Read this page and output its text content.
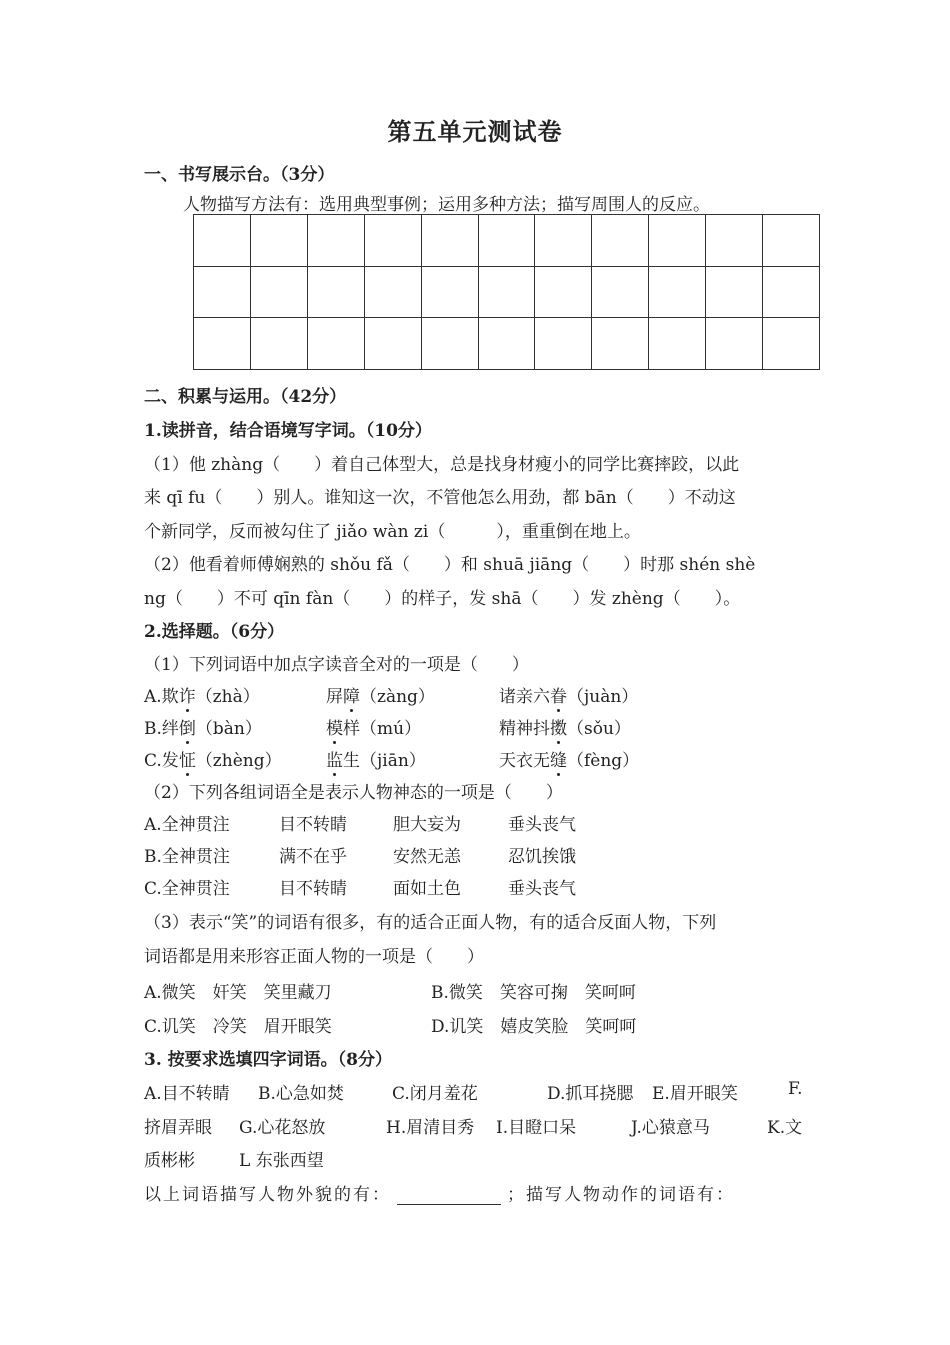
第五单元测试卷
一、书写展示台。（3分）
人物描写方法有：选用典型事例；运用多种方法；描写周围人的反应。
二、积累与运用。（42分）
1.读拼音，结合语境写字词。（10分）
（1）他 zhàng（　　）着自己体型大，总是找身材瘦小的同学比赛摔跤，以此
来 qī fu（　　）别人。谁知这一次，不管他怎么用劲，都 bān（　　）不动这
个新同学，反而被勾住了 jiǎo wàn zi（　　　），重重倒在地上。
（2）他看着师傅娴熟的 shǒu fǎ（　　）和 shuā jiāng（　　）时那 shén shè
ng（　　）不可 qīn fàn（　　）的样子，发 shā（　　）发 zhèng（　　）。
2.选择题。（6分）
（1）下列词语中加点字读音全对的一项是（　　）
A.欺诈（zhà）	屏障（zàng）	诸亲六眷（juàn）
B.绊倒（bàn）	模样（mú）	精神抖擞（sǒu）
C.发怔（zhèng）	监生（jiān）	天衣无缝（fèng）
（2）下列各组词语全是表示人物神态的一项是（　　）
A.全神贯注	目不转睛	胆大妄为	垂头丧气
B.全神贯注	满不在乎	安然无恙	忍饥挨饿
C.全神贯注	目不转睛	面如土色	垂头丧气
（3）表示“笑”的词语有很多，有的适合正面人物，有的适合反面人物，下列
词语都是用来形容正面人物的一项是（　　）
A.微笑　奸笑　笑里藏刀	B.微笑　笑容可掬　笑呵呵
C.讥笑　冷笑　眉开眼笑	D.讥笑　嬉皮笑脸　笑呵呵
3. 按要求选填四字词语。（8分）
A.目不转睛 B.心急如焚	C.闭月羞花	D.抓耳挠腮 E.眉开眼笑	F.
挤眉弄眼 G.心花怒放	H.眉清目秀 I.目瞪口呆	J.心猿意马	K.文
质彬彬	L 东张西望
以上词语描写人物外貌的有：	；描写人物动作的词语有：
